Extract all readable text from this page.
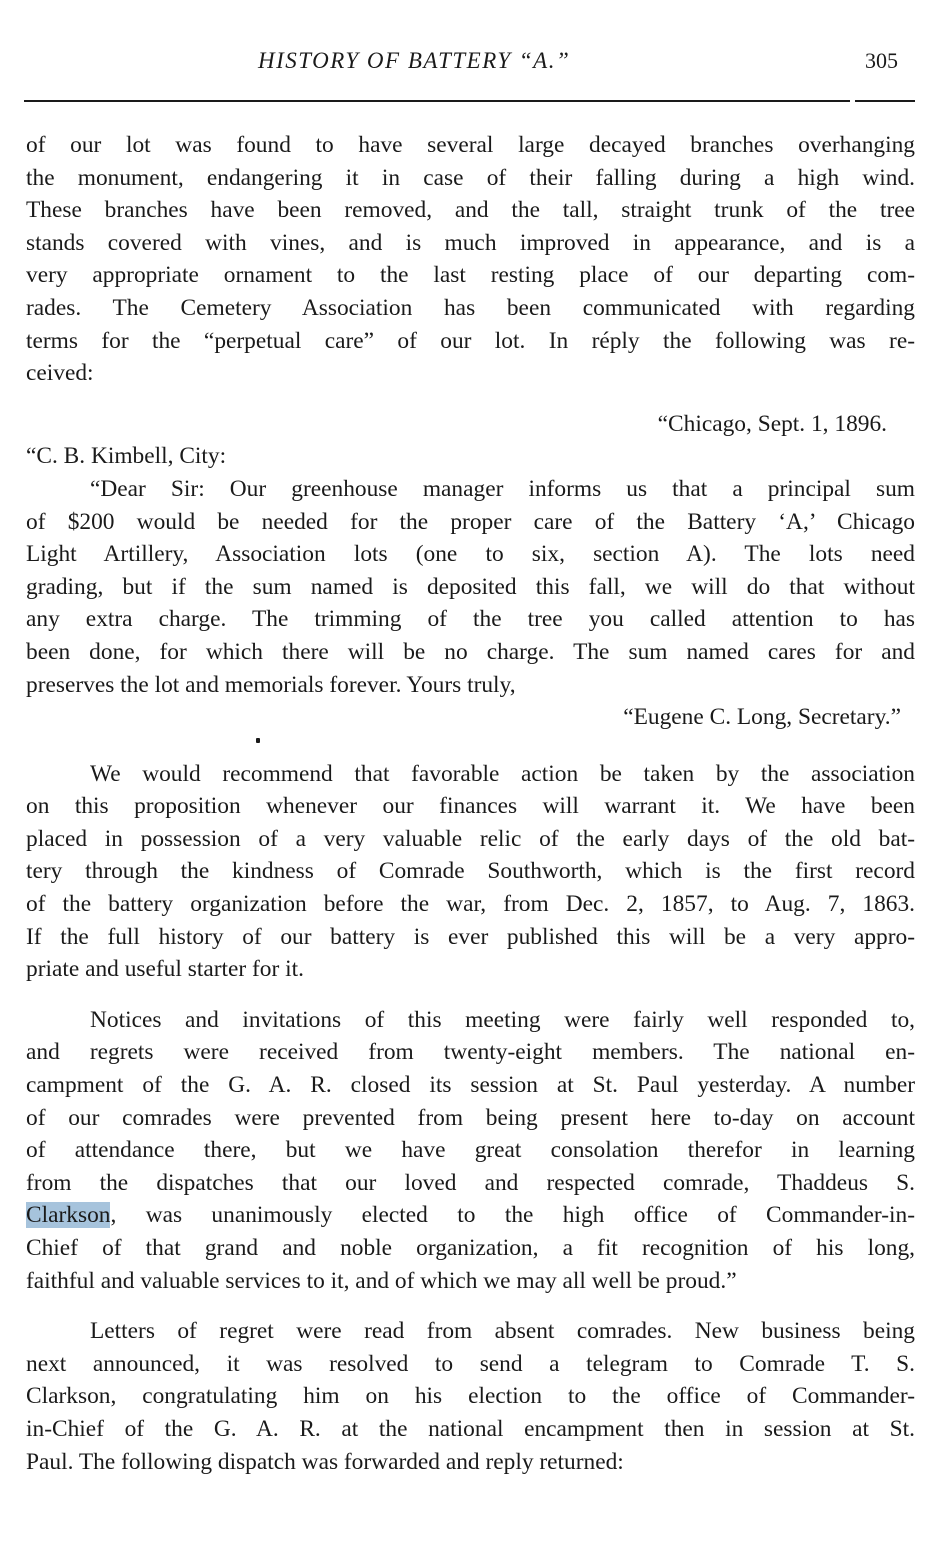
HISTORY OF BATTERY “A.”	305
of our lot was found to have several large decayed branches overhanging
the monument, endangering it in case of their falling during a high wind.
These branches have been removed, and the tall, straight trunk of the tree
stands covered with vines, and is much improved in appearance, and is a
very appropriate ornament to the last resting place of our departing com-
rades. The Cemetery Association has been communicated with regarding
terms for the “perpetual care” of our lot. In réply the following was re-
ceived:
“Chicago, Sept. 1, 1896.
“C. B. Kimbell, City:
“Dear Sir: Our greenhouse manager informs us that a principal sum
of $200 would be needed for the proper care of the Battery ‘A,’ Chicago
Light Artillery, Association lots (one to six, section A). The lots need
grading, but if the sum named is deposited this fall, we will do that without
any extra charge. The trimming of the tree you called attention to has
been done, for which there will be no charge. The sum named cares for and
preserves the lot and memorials forever. Yours truly,
“Eugene C. Long, Secretary.”
We would recommend that favorable action be taken by the association
on this proposition whenever our finances will warrant it. We have been
placed in possession of a very valuable relic of the early days of the old bat-
tery through the kindness of Comrade Southworth, which is the first record
of the battery organization before the war, from Dec. 2, 1857, to Aug. 7, 1863.
If the full history of our battery is ever published this will be a very appro-
priate and useful starter for it.
Notices and invitations of this meeting were fairly well responded to,
and regrets were received from twenty-eight members. The national en-
campment of the G. A. R. closed its session at St. Paul yesterday. A number
of our comrades were prevented from being present here to-day on account
of attendance there, but we have great consolation therefor in learning
from the dispatches that our loved and respected comrade, Thaddeus S.
Clarkson, was unanimously elected to the high office of Commander-in-
Chief of that grand and noble organization, a fit recognition of his long,
faithful and valuable services to it, and of which we may all well be proud.”
Letters of regret were read from absent comrades. New business being
next announced, it was resolved to send a telegram to Comrade T. S.
Clarkson, congratulating him on his election to the office of Commander-
in-Chief of the G. A. R. at the national encampment then in session at St.
Paul. The following dispatch was forwarded and reply returned:
